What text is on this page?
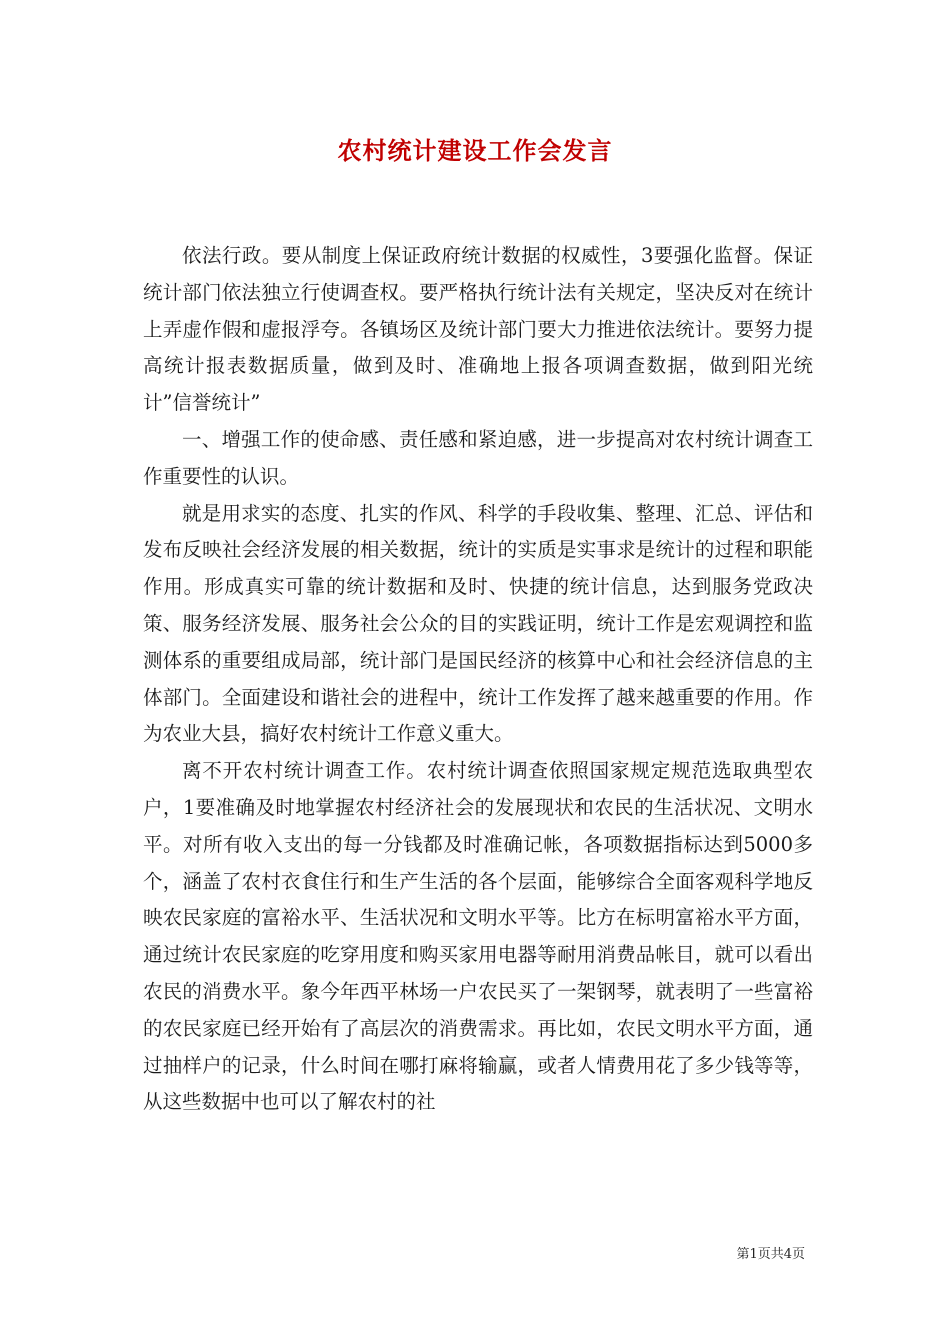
农村统计建设工作会发言

依法行政。要从制度上保证政府统计数据的权威性，3要强化监督。保证统计部门依法独立行使调查权。要严格执行统计法有关规定，坚决反对在统计上弄虚作假和虚报浮夸。各镇场区及统计部门要大力推进依法统计。要努力提高统计报表数据质量，做到及时、准确地上报各项调查数据，做到阳光统计”信誉统计”

一、增强工作的使命感、责任感和紧迫感，进一步提高对农村统计调查工作重要性的认识。

就是用求实的态度、扎实的作风、科学的手段收集、整理、汇总、评估和发布反映社会经济发展的相关数据，统计的实质是实事求是统计的过程和职能作用。形成真实可靠的统计数据和及时、快捷的统计信息，达到服务党政决策、服务经济发展、服务社会公众的目的实践证明，统计工作是宏观调控和监测体系的重要组成局部，统计部门是国民经济的核算中心和社会经济信息的主体部门。全面建设和谐社会的进程中，统计工作发挥了越来越重要的作用。作为农业大县，搞好农村统计工作意义重大。

离不开农村统计调查工作。农村统计调查依照国家规定规范选取典型农户，1要准确及时地掌握农村经济社会的发展现状和农民的生活状况、文明水平。对所有收入支出的每一分钱都及时准确记帐，各项数据指标达到5000多个，涵盖了农村衣食住行和生产生活的各个层面，能够综合全面客观科学地反映农民家庭的富裕水平、生活状况和文明水平等。比方在标明富裕水平方面，通过统计农民家庭的吃穿用度和购买家用电器等耐用消费品帐目，就可以看出农民的消费水平。象今年西平林场一户农民买了一架钢琴，就表明了一些富裕的农民家庭已经开始有了高层次的消费需求。再比如，农民文明水平方面，通过抽样户的记录，什么时间在哪打麻将输赢，或者人情费用花了多少钱等等，从这些数据中也可以了解农村的社

第1页共4页
